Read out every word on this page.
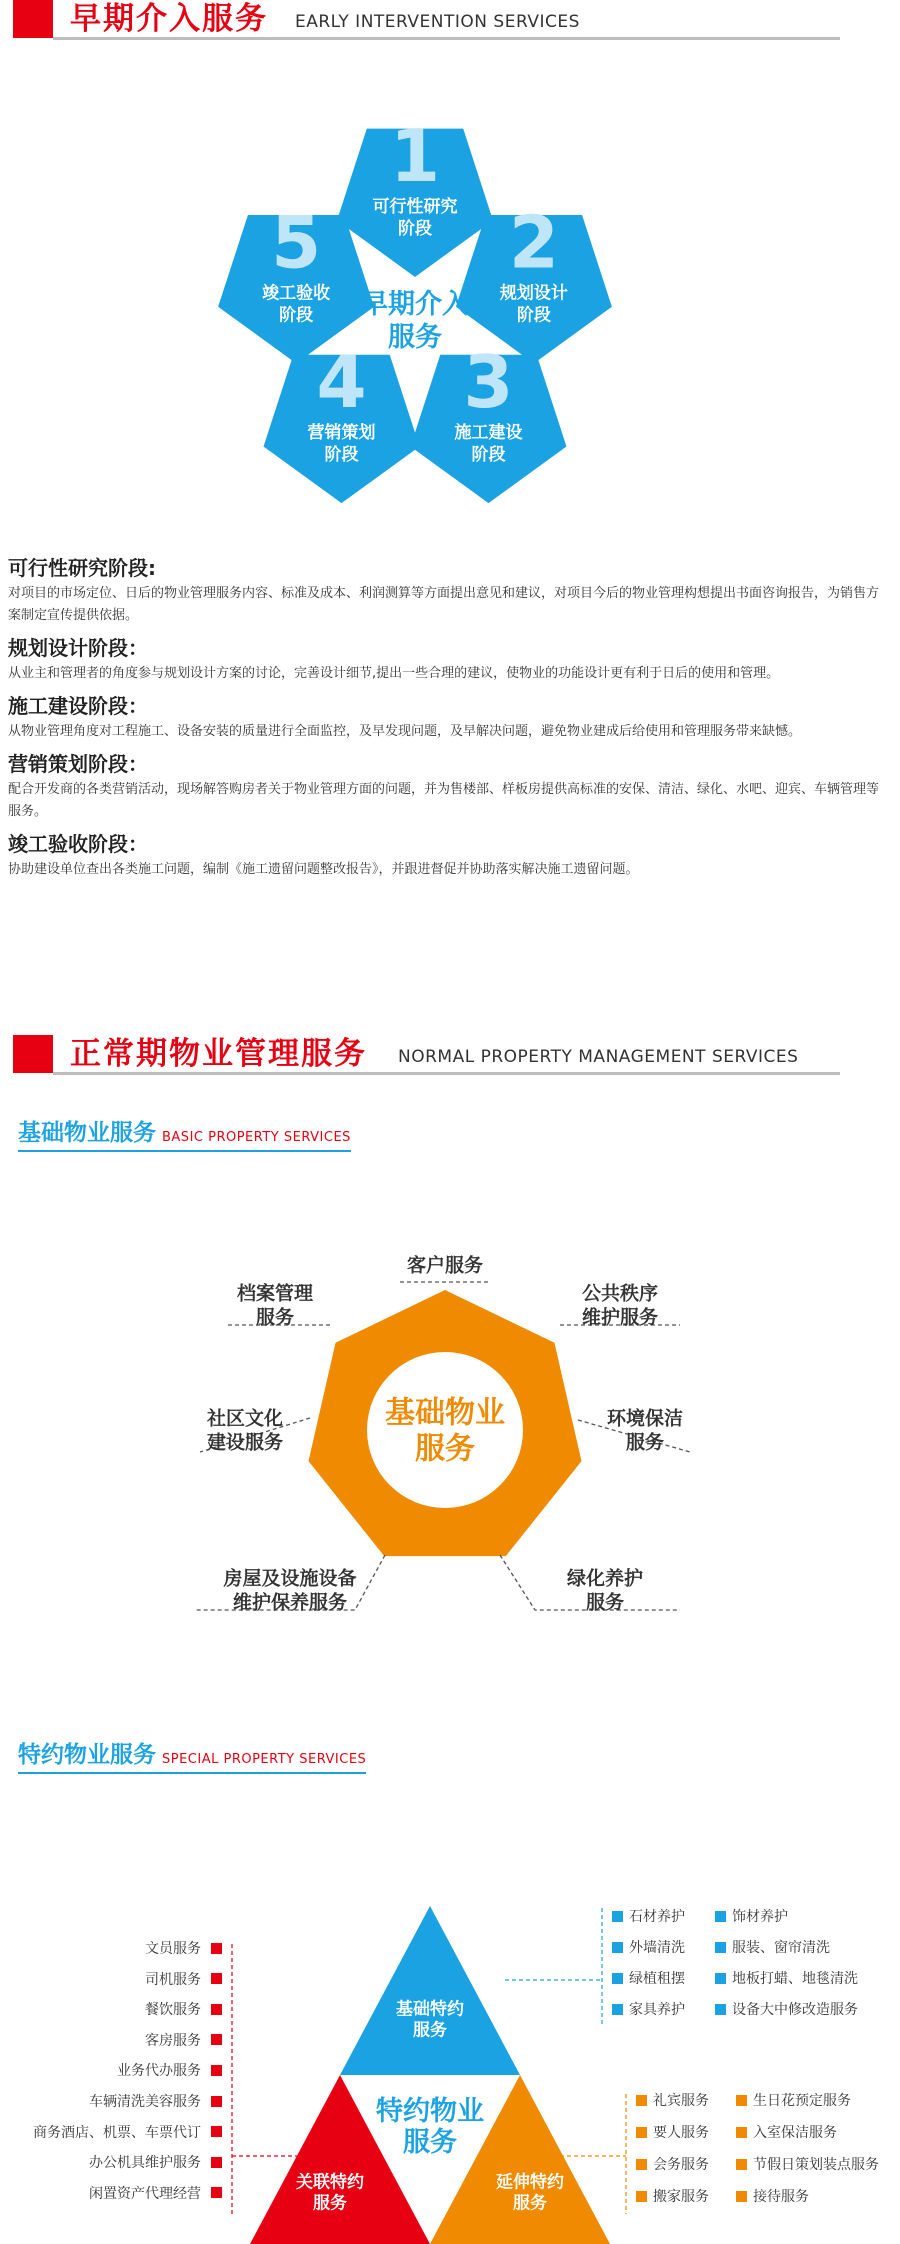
早期介入服务 EARLY INTERVENTION SERVICES
1
可行性研究阶段	2
规划设计阶段
3
施工建设阶段
4
营销策划阶段
5
竣工验收阶段	早期介入服务
可行性研究阶段:
对项目的市场定位、日后的物业管理服务内容、标准及成本、利润测算等方面提出意见和建议，对项目今后的物业管理构想提出书面咨询报告，为销售方案制定宣传提供依据。
规划设计阶段：
从业主和管理者的角度参与规划设计方案的讨论，完善设计细节,提出一些合理的建议，使物业的功能设计更有利于日后的使用和管理。
施工建设阶段：
从物业管理角度对工程施工、设备安装的质量进行全面监控，及早发现问题，及早解决问题，避免物业建成后给使用和管理服务带来缺憾。
营销策划阶段：
配合开发商的各类营销活动，现场解答购房者关于物业管理方面的问题，并为售楼部、样板房提供高标准的安保、清洁、绿化、水吧、迎宾、车辆管理等服务。
竣工验收阶段：
协助建设单位查出各类施工问题，编制《施工遗留问题整改报告》，并跟进督促并协助落实解决施工遗留问题。
正常期物业管理服务 NORMAL PROPERTY MANAGEMENT SERVICES
基础物业服务 BASIC PROPERTY SERVICES
基础物业服务
客户服务
公共秩序维护服务
环境保洁服务
绿化养护服务
房屋及设施设备维护保养服务
社区文化建设服务
档案管理服务
特约物业服务 SPECIAL PROPERTY SERVICES
基础特约服务
关联特约服务
延伸特约服务
特约物业服务
文员服务
司机服务
餐饮服务
客房服务
业务代办服务
车辆清洗美容服务
商务酒店、机票、车票代订
办公机具维护服务
闲置资产代理经营
石材养护	饰材养护
外墙清洗	服装、窗帘清洗
绿植租摆	地板打蜡、地毯清洗
家具养护	设备大中修改造服务
礼宾服务	生日花预定服务
要人服务	入室保洁服务
会务服务	节假日策划装点服务
搬家服务	接待服务
